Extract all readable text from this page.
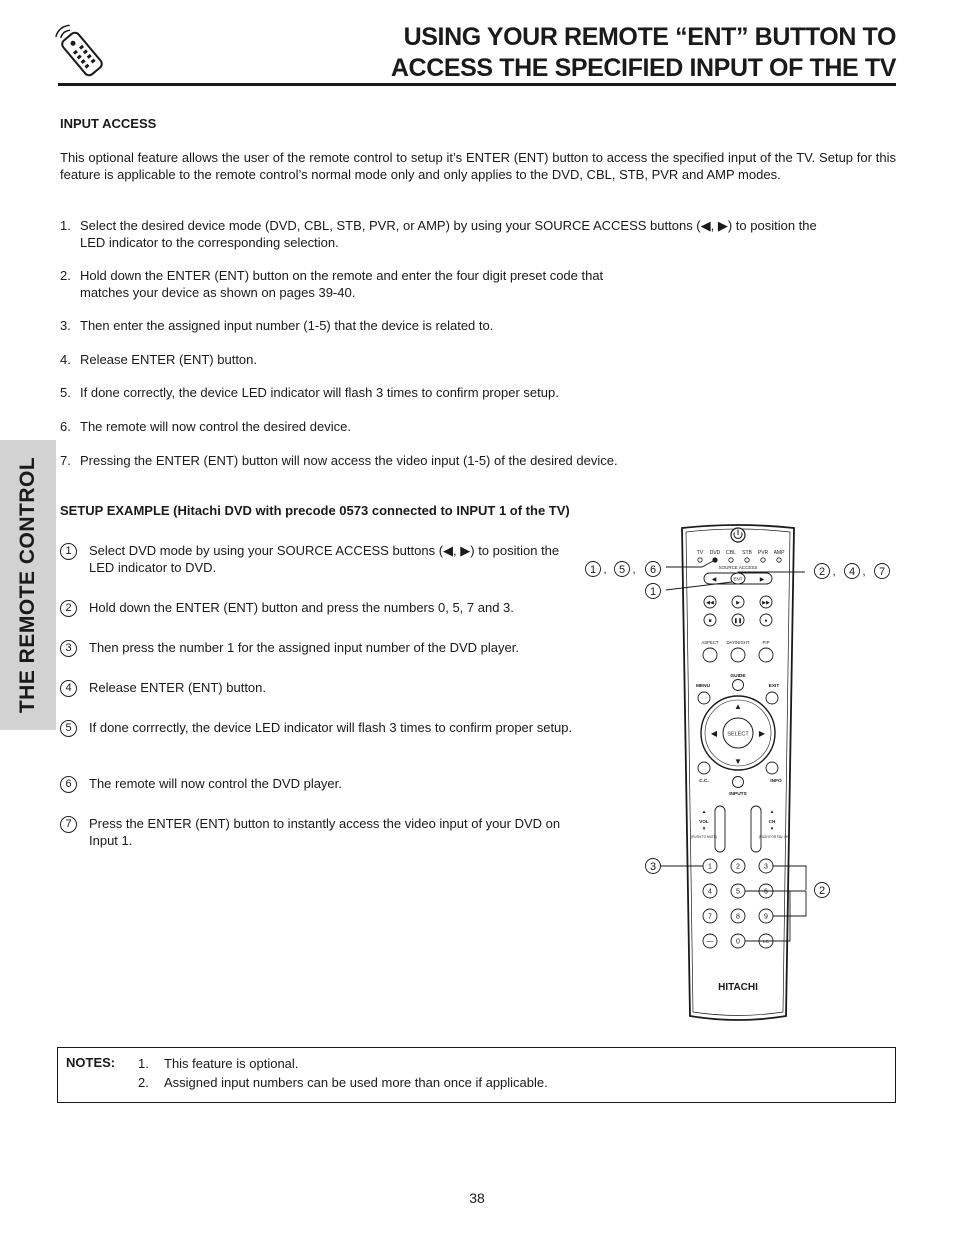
USING YOUR REMOTE “ENT” BUTTON TO
ACCESS THE SPECIFIED INPUT OF THE TV
THE REMOTE CONTROL
INPUT ACCESS
This optional feature allows the user of the remote control to setup it’s ENTER (ENT) button to access the specified input of the TV. Setup for this feature is applicable to the remote control’s normal mode only and only applies to the DVD, CBL, STB, PVR and AMP modes.
1. Select the desired device mode (DVD, CBL, STB, PVR, or AMP) by using your SOURCE ACCESS buttons (◀, ▶) to position the
LED indicator to the corresponding selection.
2. Hold down the ENTER (ENT) button on the remote and enter the four digit preset code that
matches your device as shown on pages 39-40.
3. Then enter the assigned input number (1-5) that the device is related to.
4. Release ENTER (ENT) button.
5. If done correctly, the device LED indicator will flash 3 times to confirm proper setup.
6. The remote will now control the desired device.
7. Pressing the ENTER (ENT) button will now access the video input (1-5) of the desired device.
SETUP EXAMPLE (Hitachi DVD with precode 0573 connected to INPUT 1 of the TV)
1	Select DVD mode by using your SOURCE ACCESS buttons (◀, ▶) to position the LED indicator to DVD.
2	Hold down the ENTER (ENT) button and press the numbers 0, 5, 7 and 3.
3	Then press the number 1 for the assigned input number of the DVD player.
4	Release ENTER (ENT) button.
5	If done corrrectly, the device LED indicator will flash 3 times to confirm proper setup.
6	The remote will now control the DVD player.
7	Press the ENTER (ENT) button to instantly access the video input of your DVD on Input 1.
TV DVD CBL STB PVR AMP
SOURCE ACCESS
◀	▶
ENT
◀◀	▶	▶▶
■	❚❚	●
ASPECT DAY/NIGHT	PIP
MENU
GUIDE
EXIT
▲
▼
◀	▶
SELECT
C.C.	INFO
INPUTS
▲
VOL
▼
(PUSH TO MUTE)
▲
CH
▼
(PUSH FOR FAV CH)
1	2	3
4	5	6
7	8	9
—	0	LC
HITACHI
1 , 5 , 6
1
2 , 4 , 7
3
2
NOTES: 1. This feature is optional.
2. Assigned input numbers can be used more than once if applicable.
38
